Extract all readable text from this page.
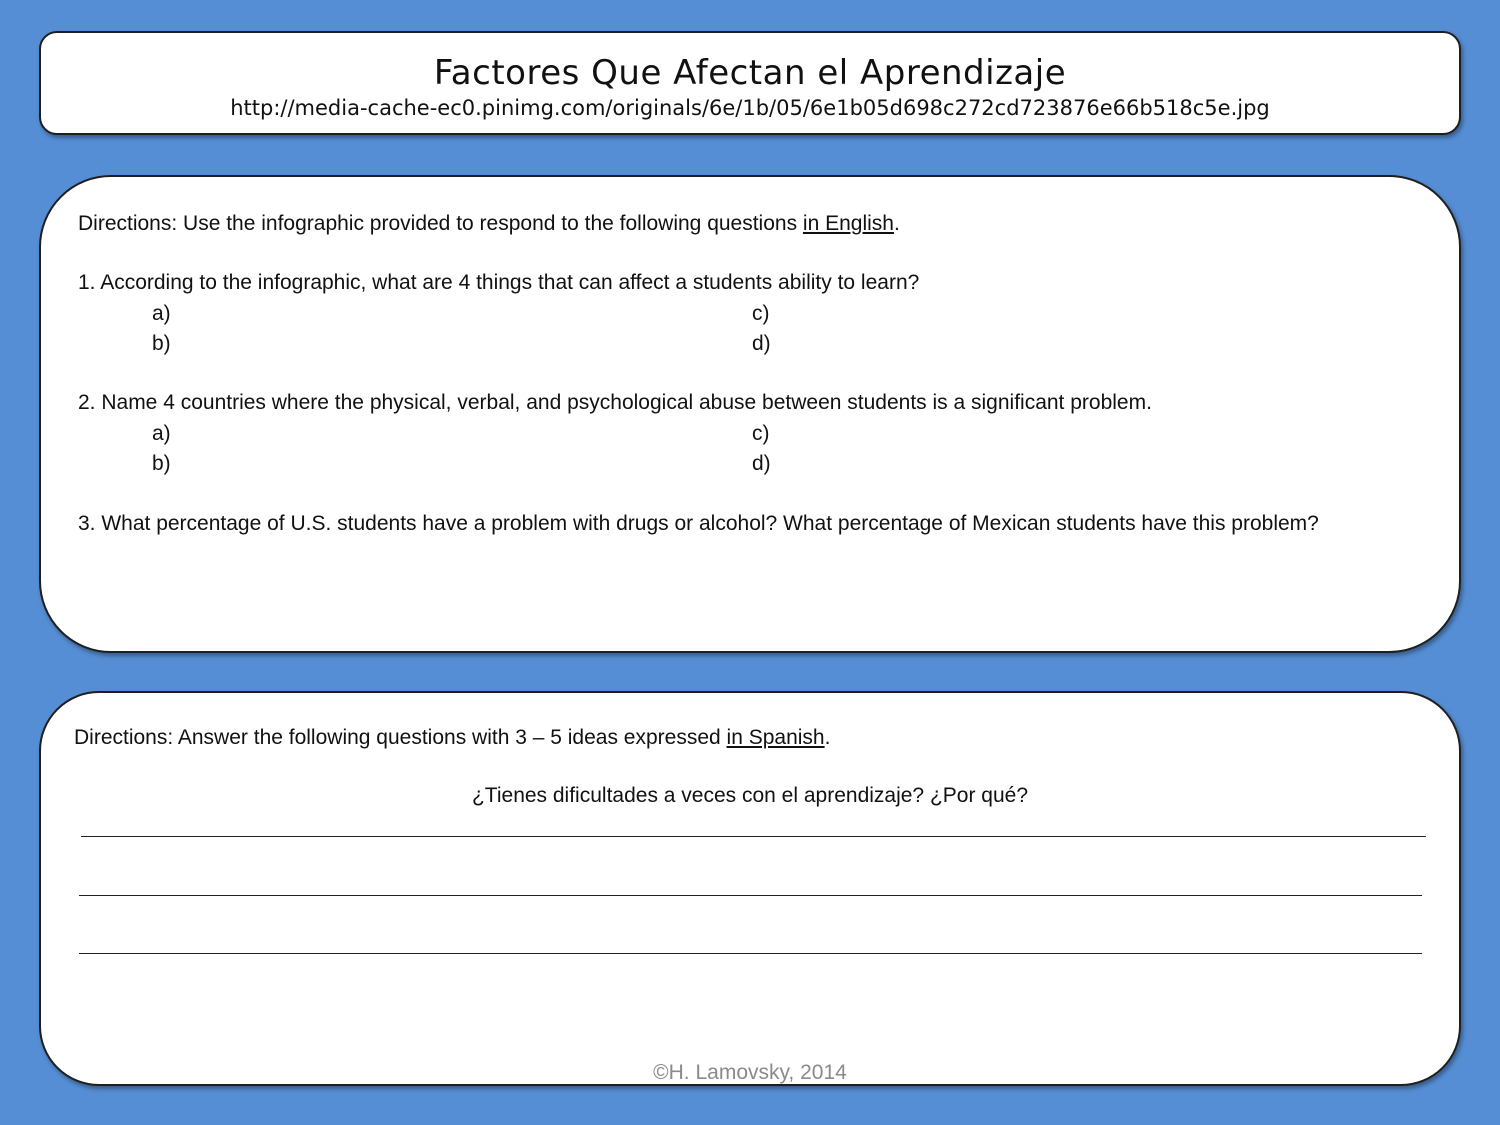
Factores Que Afectan el Aprendizaje
http://media-cache-ec0.pinimg.com/originals/6e/1b/05/6e1b05d698c272cd723876e66b518c5e.jpg
Directions: Use the infographic provided to respond to the following questions in English.
1. According to the infographic, what are 4 things that can affect a students ability to learn?
a)
b)
c)
d)
2. Name 4 countries where the physical, verbal, and psychological abuse between students is a significant problem.
a)
b)
c)
d)
3. What percentage of U.S. students have a problem with drugs or alcohol? What percentage of Mexican students have this problem?
Directions: Answer the following questions with 3 – 5 ideas expressed in Spanish.
¿Tienes dificultades a veces con el aprendizaje? ¿Por qué?
©H. Lamovsky, 2014
